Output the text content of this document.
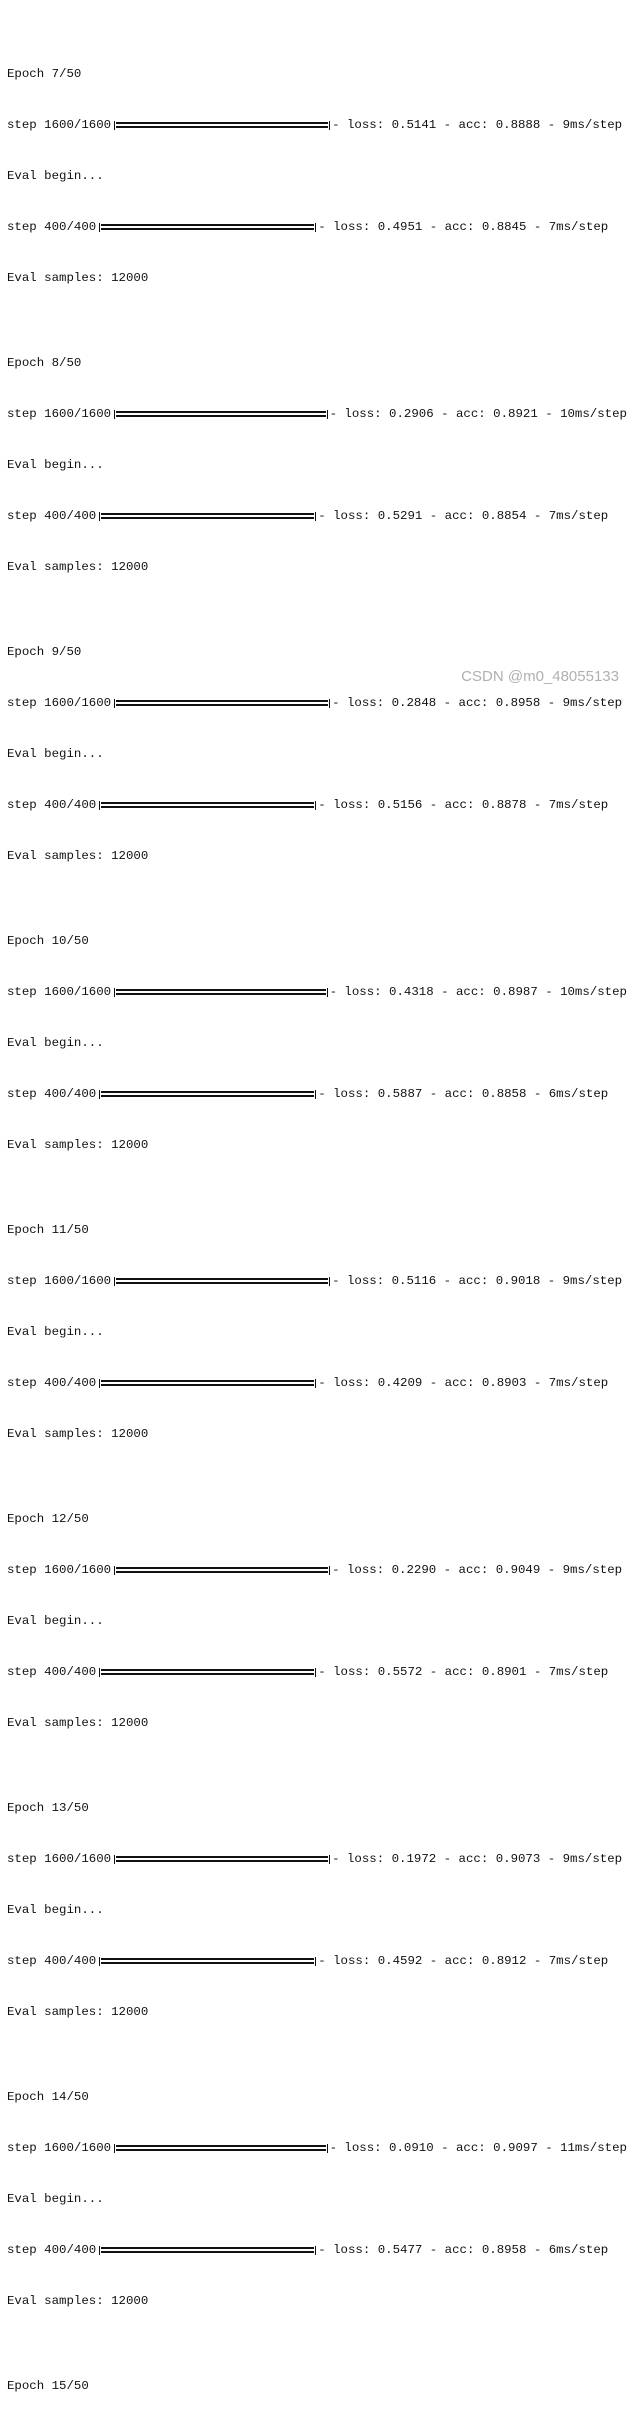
Epoch 7/50

step 1600/1600	- loss: 0.5141 - acc: 0.8888 - 9ms/step

Eval begin...

step 400/400	- loss: 0.4951 - acc: 0.8845 - 7ms/step

Eval samples: 12000

Epoch 8/50

step 1600/1600	- loss: 0.2906 - acc: 0.8921 - 10ms/step

Eval begin...

step 400/400	- loss: 0.5291 - acc: 0.8854 - 7ms/step

Eval samples: 12000

Epoch 9/50

step 1600/1600	- loss: 0.2848 - acc: 0.8958 - 9ms/step

Eval begin...

step 400/400	- loss: 0.5156 - acc: 0.8878 - 7ms/step

Eval samples: 12000

Epoch 10/50

step 1600/1600	- loss: 0.4318 - acc: 0.8987 - 10ms/step

Eval begin...

step 400/400	- loss: 0.5887 - acc: 0.8858 - 6ms/step

Eval samples: 12000

Epoch 11/50

step 1600/1600	- loss: 0.5116 - acc: 0.9018 - 9ms/step

Eval begin...

step 400/400	- loss: 0.4209 - acc: 0.8903 - 7ms/step

Eval samples: 12000

Epoch 12/50

step 1600/1600	- loss: 0.2290 - acc: 0.9049 - 9ms/step

Eval begin...

step 400/400	- loss: 0.5572 - acc: 0.8901 - 7ms/step

Eval samples: 12000

Epoch 13/50

step 1600/1600	- loss: 0.1972 - acc: 0.9073 - 9ms/step

Eval begin...

step 400/400	- loss: 0.4592 - acc: 0.8912 - 7ms/step

Eval samples: 12000

Epoch 14/50

step 1600/1600	- loss: 0.0910 - acc: 0.9097 - 11ms/step

Eval begin...

step 400/400	- loss: 0.5477 - acc: 0.8958 - 6ms/step

Eval samples: 12000

Epoch 15/50

CSDN @m0_48055133
